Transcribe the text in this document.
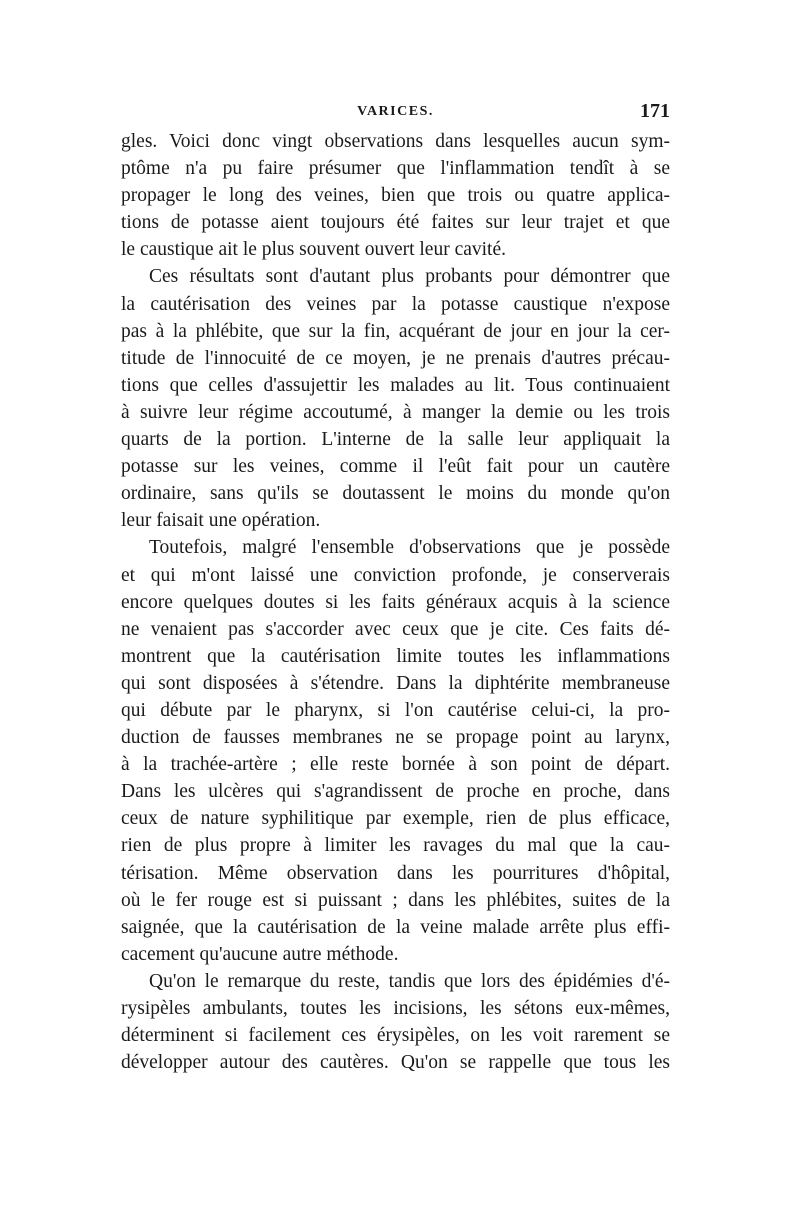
VARICES.	171
gles. Voici donc vingt observations dans lesquelles aucun sym-
ptôme n'a pu faire présumer que l'inflammation tendît à se
propager le long des veines, bien que trois ou quatre applica-
tions de potasse aient toujours été faites sur leur trajet et que
le caustique ait le plus souvent ouvert leur cavité.
Ces résultats sont d'autant plus probants pour démontrer que
la cautérisation des veines par la potasse caustique n'expose
pas à la phlébite, que sur la fin, acquérant de jour en jour la cer-
titude de l'innocuité de ce moyen, je ne prenais d'autres précau-
tions que celles d'assujettir les malades au lit. Tous continuaient
à suivre leur régime accoutumé, à manger la demie ou les trois
quarts de la portion. L'interne de la salle leur appliquait la
potasse sur les veines, comme il l'eût fait pour un cautère
ordinaire, sans qu'ils se doutassent le moins du monde qu'on
leur faisait une opération.
Toutefois, malgré l'ensemble d'observations que je possède
et qui m'ont laissé une conviction profonde, je conserverais
encore quelques doutes si les faits généraux acquis à la science
ne venaient pas s'accorder avec ceux que je cite. Ces faits dé-
montrent que la cautérisation limite toutes les inflammations
qui sont disposées à s'étendre. Dans la diphtérite membraneuse
qui débute par le pharynx, si l'on cautérise celui-ci, la pro-
duction de fausses membranes ne se propage point au larynx,
à la trachée-artère ; elle reste bornée à son point de départ.
Dans les ulcères qui s'agrandissent de proche en proche, dans
ceux de nature syphilitique par exemple, rien de plus efficace,
rien de plus propre à limiter les ravages du mal que la cau-
térisation. Même observation dans les pourritures d'hôpital,
où le fer rouge est si puissant ; dans les phlébites, suites de la
saignée, que la cautérisation de la veine malade arrête plus effi-
cacement qu'aucune autre méthode.
Qu'on le remarque du reste, tandis que lors des épidémies d'é-
rysipèles ambulants, toutes les incisions, les sétons eux-mêmes,
déterminent si facilement ces érysipèles, on les voit rarement se
développer autour des cautères. Qu'on se rappelle que tous les
